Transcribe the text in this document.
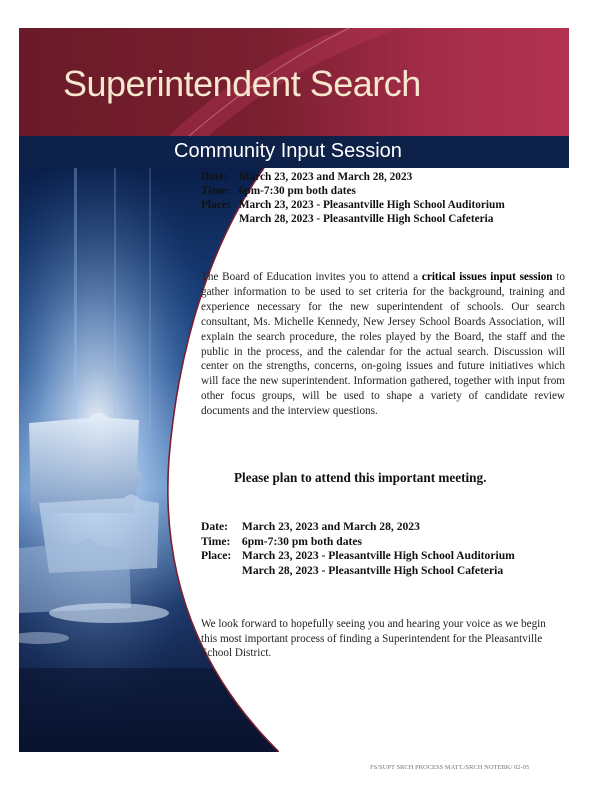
Superintendent Search
Community Input Session
Date: March 23, 2023 and March 28, 2023
Time: 6pm-7:30 pm both dates
Place: March 23, 2023 - Pleasantville High School Auditorium
March 28, 2023 - Pleasantville High School Cafeteria
The Board of Education invites you to attend a critical issues input session to gather information to be used to set criteria for the background, training and experience necessary for the new superintendent of schools. Our search consultant, Ms. Michelle Kennedy, New Jersey School Boards Association, will explain the search procedure, the roles played by the Board, the staff and the public in the process, and the calendar for the actual search. Discussion will center on the strengths, concerns, on-going issues and future initiatives which will face the new superintendent. Information gathered, together with input from other focus groups, will be used to shape a variety of candidate review documents and the interview questions.
Please plan to attend this important meeting.
Date: March 23, 2023 and March 28, 2023
Time: 6pm-7:30 pm both dates
Place: March 23, 2023 - Pleasantville High School Auditorium
March 28, 2023 - Pleasantville High School Cafeteria
We look forward to hopefully seeing you and hearing your voice as we begin this most important process of finding a Superintendent for the Pleasantville School District.
FS/SUPT SRCH PROCESS MAT'L/SRCH NOTEBK/ 02-05
